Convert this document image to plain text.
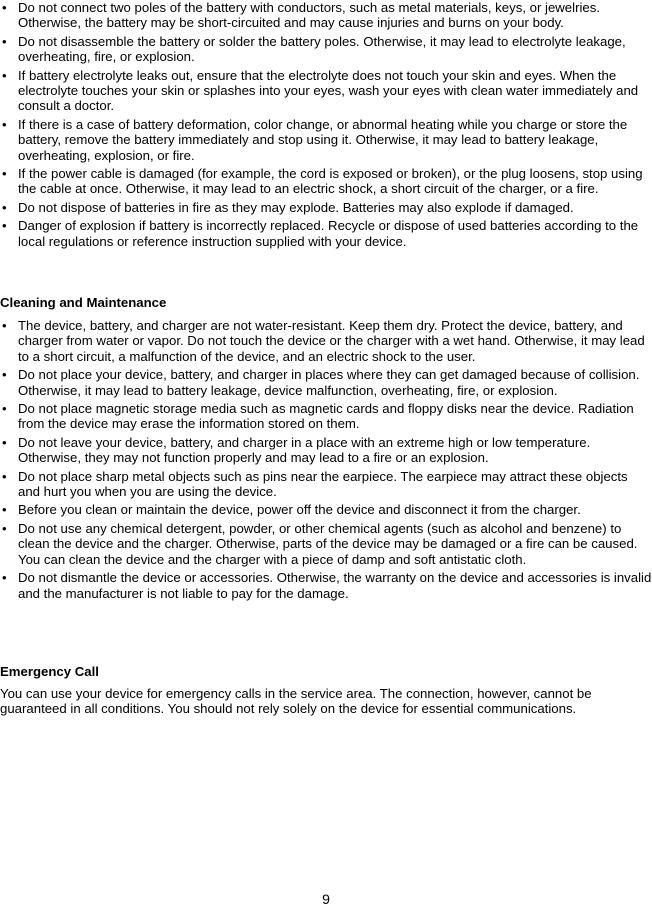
• Do not connect two poles of the battery with conductors, such as metal materials, keys, or jewelries. Otherwise, the battery may be short-circuited and may cause injuries and burns on your body.
• Do not disassemble the battery or solder the battery poles. Otherwise, it may lead to electrolyte leakage, overheating, fire, or explosion.
• If battery electrolyte leaks out, ensure that the electrolyte does not touch your skin and eyes. When the electrolyte touches your skin or splashes into your eyes, wash your eyes with clean water immediately and consult a doctor.
• If there is a case of battery deformation, color change, or abnormal heating while you charge or store the battery, remove the battery immediately and stop using it. Otherwise, it may lead to battery leakage, overheating, explosion, or fire.
• If the power cable is damaged (for example, the cord is exposed or broken), or the plug loosens, stop using the cable at once. Otherwise, it may lead to an electric shock, a short circuit of the charger, or a fire.
• Do not dispose of batteries in fire as they may explode. Batteries may also explode if damaged.
• Danger of explosion if battery is incorrectly replaced. Recycle or dispose of used batteries according to the local regulations or reference instruction supplied with your device.
Cleaning and Maintenance
• The device, battery, and charger are not water-resistant. Keep them dry. Protect the device, battery, and charger from water or vapor. Do not touch the device or the charger with a wet hand. Otherwise, it may lead to a short circuit, a malfunction of the device, and an electric shock to the user.
• Do not place your device, battery, and charger in places where they can get damaged because of collision. Otherwise, it may lead to battery leakage, device malfunction, overheating, fire, or explosion.
• Do not place magnetic storage media such as magnetic cards and floppy disks near the device. Radiation from the device may erase the information stored on them.
• Do not leave your device, battery, and charger in a place with an extreme high or low temperature. Otherwise, they may not function properly and may lead to a fire or an explosion.
• Do not place sharp metal objects such as pins near the earpiece. The earpiece may attract these objects and hurt you when you are using the device.
• Before you clean or maintain the device, power off the device and disconnect it from the charger.
• Do not use any chemical detergent, powder, or other chemical agents (such as alcohol and benzene) to clean the device and the charger. Otherwise, parts of the device may be damaged or a fire can be caused. You can clean the device and the charger with a piece of damp and soft antistatic cloth.
• Do not dismantle the device or accessories. Otherwise, the warranty on the device and accessories is invalid and the manufacturer is not liable to pay for the damage.
Emergency Call

You can use your device for emergency calls in the service area. The connection, however, cannot be guaranteed in all conditions. You should not rely solely on the device for essential communications.

9
